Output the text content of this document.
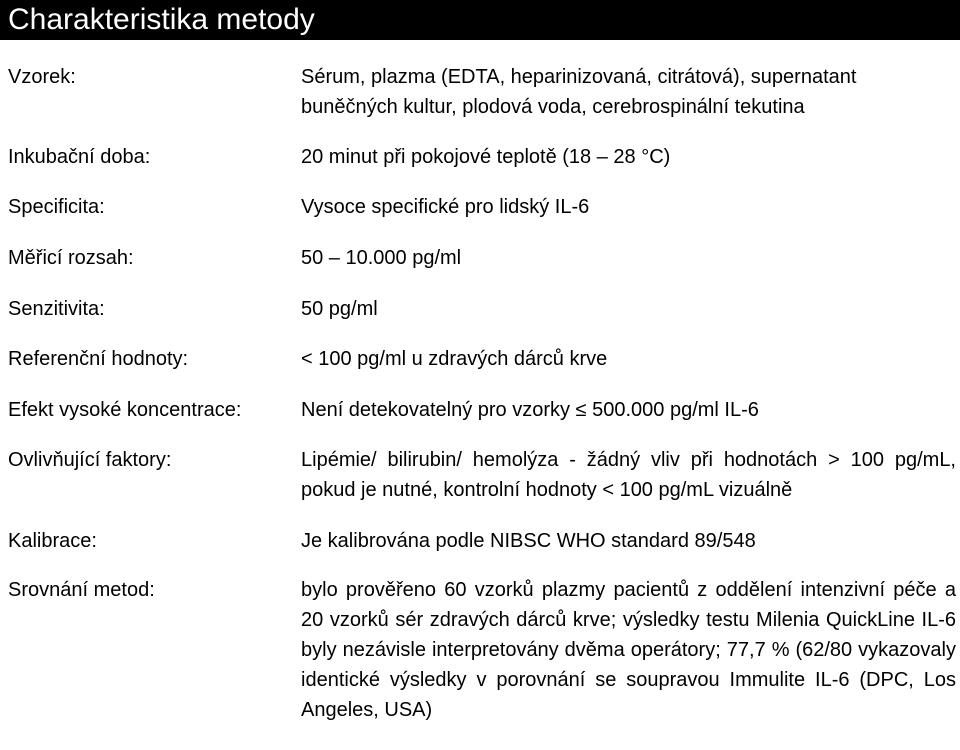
Charakteristika metody
Vzorek:	Sérum, plazma (EDTA, heparinizovaná, citrátová), supernatant buněčných kultur, plodová voda, cerebrospinální tekutina
Inkubační doba:	20 minut při pokojové teplotě (18 – 28 °C)
Specificita:	Vysoce specifické pro lidský IL-6
Měřicí rozsah:	50 – 10.000 pg/ml
Senzitivita:	50 pg/ml
Referenční hodnoty:	< 100 pg/ml u zdravých dárců krve
Efekt vysoké koncentrace:	Není detekovatelný pro vzorky ≤ 500.000 pg/ml IL-6
Ovlivňující faktory:	Lipémie/ bilirubin/ hemolýza - žádný vliv při hodnotách > 100 pg/mL, pokud je nutné, kontrolní hodnoty < 100 pg/mL vizuálně
Kalibrace:	Je kalibrována podle NIBSC WHO standard 89/548
Srovnání metod:	bylo prověřeno 60 vzorků plazmy pacientů z oddělení intenzivní péče a 20 vzorků sér zdravých dárců krve; výsledky testu Milenia QuickLine IL-6 byly nezávisle interpretovány dvěma operátory; 77,7 % (62/80 vykazovaly identické výsledky v porovnání se soupravou Immulite IL-6 (DPC, Los Angeles, USA)
